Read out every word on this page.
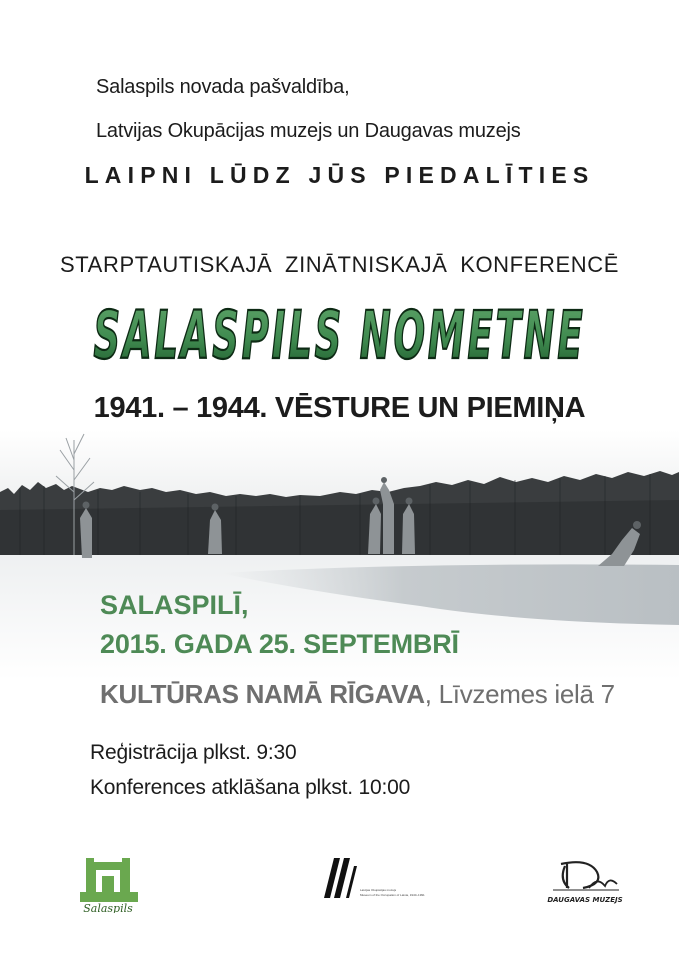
Salaspils novada pašvaldība,
Latvijas Okupācijas muzejs un Daugavas muzejs
LAIPNI LŪDZ JŪS PIEDALĪTIES
STARPTAUTISKAJĀ ZINĀTNISKAJĀ KONFERENCĒ
SALASPILS NOMETNE
1941. – 1944. VĒSTURE UN PIEMIŅA
SALASPILĪ,
2015. GADA 25. SEPTEMBRĪ
KULTŪRAS NAMĀ RĪGAVA, Līvzemes ielā 7
Reģistrācija plkst. 9:30
Konferences atklāšana plkst. 10:00
Salaspils
Latvijas Okupācijas muzejs
Museum of the Occupation of Latvia, 1940–1991
DAUGAVAS MUZEJS
